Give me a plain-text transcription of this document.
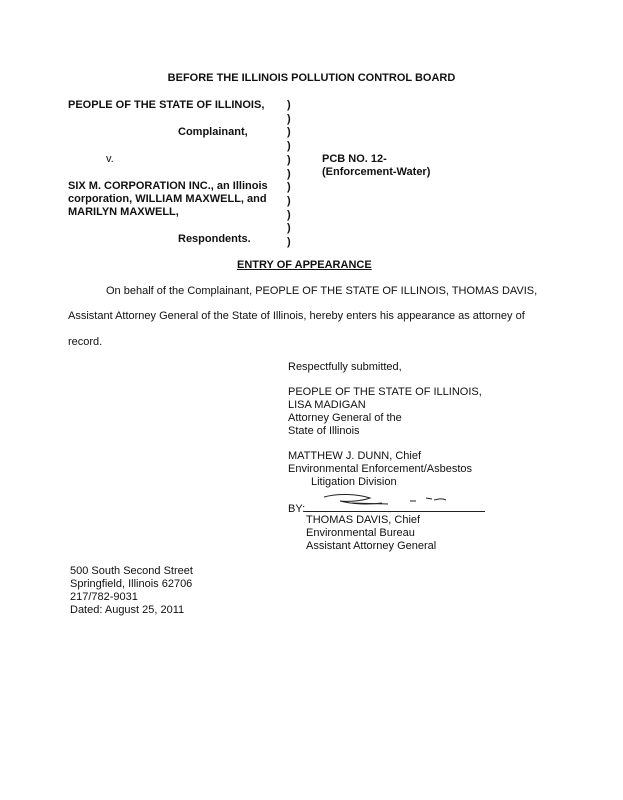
BEFORE THE ILLINOIS POLLUTION CONTROL BOARD
PEOPLE OF THE STATE OF ILLINOIS,
Complainant,
v.
SIX M. CORPORATION INC., an Illinois
corporation, WILLIAM MAXWELL, and
MARILYN MAXWELL,
Respondents.
)
)
)
)
)
)
)
)
)
)
)
PCB NO. 12-
(Enforcement-Water)
ENTRY OF APPEARANCE
On behalf of the Complainant, PEOPLE OF THE STATE OF ILLINOIS, THOMAS DAVIS,
Assistant Attorney General of the State of Illinois, hereby enters his appearance as attorney of
record.
Respectfully submitted,
PEOPLE OF THE STATE OF ILLINOIS,
LISA MADIGAN
Attorney General of the
State of Illinois
MATTHEW J. DUNN, Chief
Environmental Enforcement/Asbestos
Litigation Division
BY:
THOMAS DAVIS, Chief
Environmental Bureau
Assistant Attorney General
500 South Second Street
Springfield, Illinois 62706
217/782-9031
Dated: August 25, 2011
